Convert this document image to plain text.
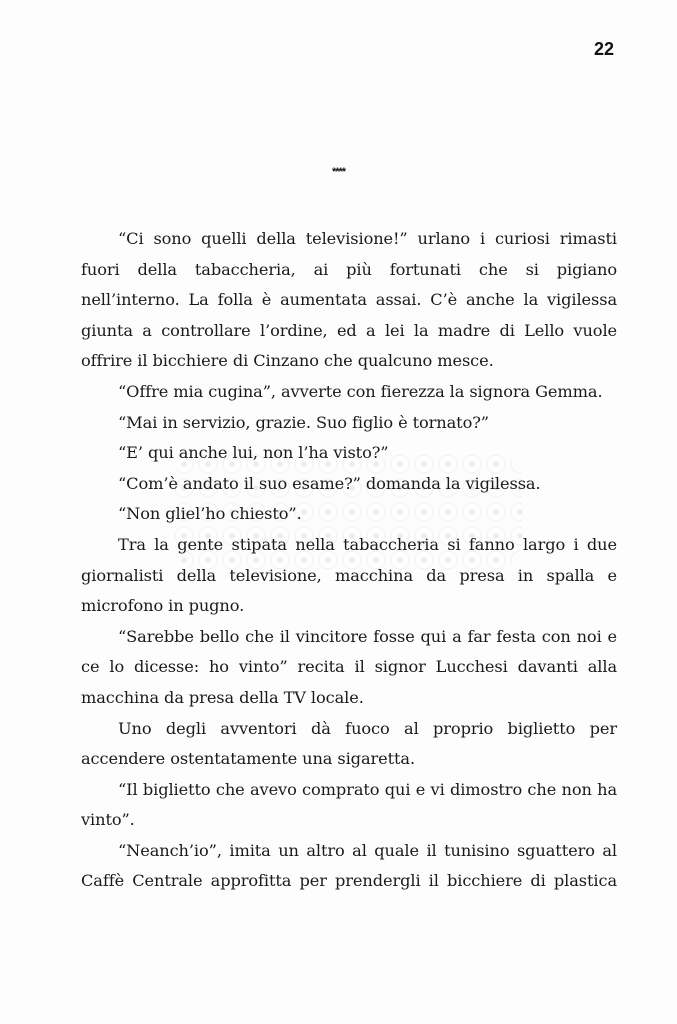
22
****

“Ci sono quelli della televisione!” urlano i curiosi rimasti fuori della tabaccheria, ai più fortunati che si pigiano nell’interno. La folla è aumentata assai. C’è anche la vigilessa giunta a controllare l’ordine, ed a lei la madre di Lello vuole offrire il bicchiere di Cinzano che qualcuno mesce.

“Offre mia cugina”, avverte con fierezza la signora Gemma.

“Mai in servizio, grazie. Suo figlio è tornato?”

“E’ qui anche lui, non l’ha visto?”

“Com’è andato il suo esame?” domanda la vigilessa.

“Non gliel’ho chiesto”.

Tra la gente stipata nella tabaccheria si fanno largo i due giornalisti della televisione, macchina da presa in spalla e microfono in pugno.

“Sarebbe bello che il vincitore fosse qui a far festa con noi e ce lo dicesse: ho vinto” recita il signor Lucchesi davanti alla macchina da presa della TV locale.

Uno degli avventori dà fuoco al proprio biglietto per accendere ostentatamente una sigaretta.

“Il biglietto che avevo comprato qui e vi dimostro che non ha vinto”.

“Neanch’io”, imita un altro al quale il tunisino sguattero al Caffè Centrale approfitta per prendergli il bicchiere di plastica
